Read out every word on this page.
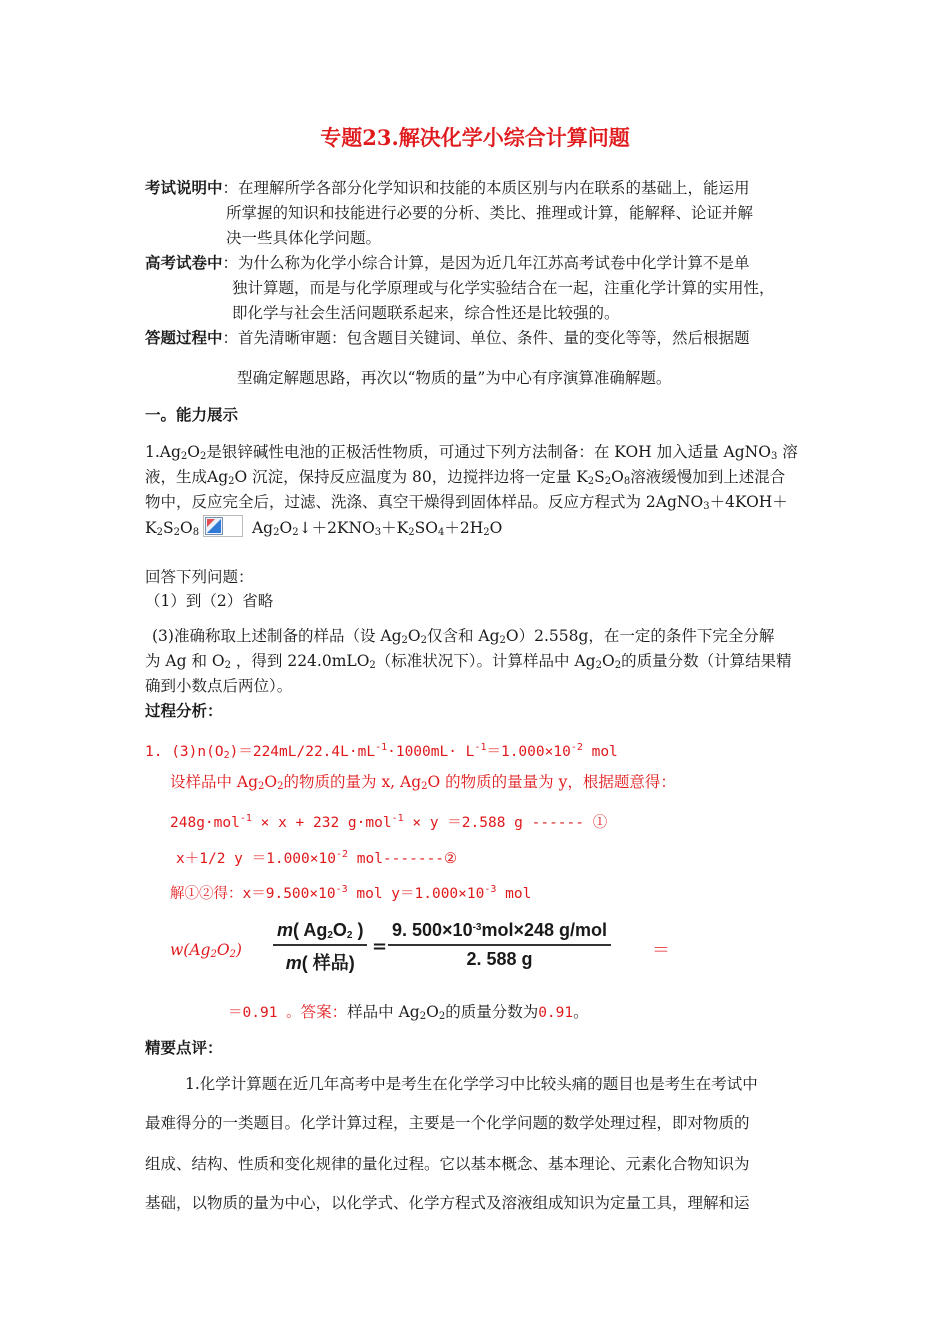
专题23.解决化学小综合计算问题
考试说明中：在理解所学各部分化学知识和技能的本质区别与内在联系的基础上，能运用
所掌握的知识和技能进行必要的分析、类比、推理或计算，能解释、论证并解
决一些具体化学问题。
高考试卷中：为什么称为化学小综合计算，是因为近几年江苏高考试卷中化学计算不是单
独计算题，而是与化学原理或与化学实验结合在一起，注重化学计算的实用性，
即化学与社会生活问题联系起来，综合性还是比较强的。
答题过程中：首先清晰审题：包含题目关键词、单位、条件、量的变化等等，然后根据题
型确定解题思路，再次以“物质的量”为中心有序演算准确解题。
一。能力展示
$1.Ag_2O_2$是银锌碱性电池的正极活性物质，可通过下列方法制备：在 KOH 加入适量 AgNO$_3$ 溶
液，生成$Ag_2O$ 沉淀，保持反应温度为 80，边搅拌边将一定量 $K_2S_2O_8$溶液缓慢加到上述混合
物中，反应完全后，过滤、洗涤、真空干燥得到固体样品。反应方程式为 2AgNO$_3$＋4KOH＋
$K_2S_2O_8$	$Ag_2O_2↓+2KNO_3+K_2SO_4+2H_2O$
回答下列问题：
（1）到（2）省略
(3)准确称取上述制备的样品（设 $Ag_2O_2$仅含和 $Ag_2O)2.558g$，在一定的条件下完全分解
为 Ag 和 $O_2$ ，得到 224.0mLO$_2$（标准状况下）。计算样品中 $Ag_2O_2$的质量分数（计算结果精
确到小数点后两位）。
过程分析：
1. $(3)n(O_2)=224mL/22.4L\cdot mL^{-1}\cdot 1000mL\cdot L^{-1}=1.000\times 10^{-2}$ mol
设样品中 $Ag_2O_2$的物质的量为 x, $Ag_2O$ 的物质的量量为 y，根据题意得：
248g·mol$^{-1}$ × x + 232 g·mol$^{-1}$ × y ＝2.588 g ------ ①
x＋1/2 $y =1.000\times 10^{-2}$ mol-------②
解①②得：$x=9.500\times 10^{-3}$ mol $y=1.000\times 10^{-3}$ mol
$w(Ag_2O_2) \frac{m( Ag_2O_2 )}{\text{m( 样品)}} = \frac{9. 500\times 10^{-3}mol\times 248 g/mol}{2. 588 g}$ ＝
＝0.91 。答案：样品中 $Ag_2O_2$的质量分数为0.91。
精要点评：
1.化学计算题在近几年高考中是考生在化学学习中比较头痛的题目也是考生在考试中
最难得分的一类题目。化学计算过程，主要是一个化学问题的数学处理过程，即对物质的
组成、结构、性质和变化规律的量化过程。它以基本概念、基本理论、元素化合物知识为
基础，以物质的量为中心，以化学式、化学方程式及溶液组成知识为定量工具，理解和运
